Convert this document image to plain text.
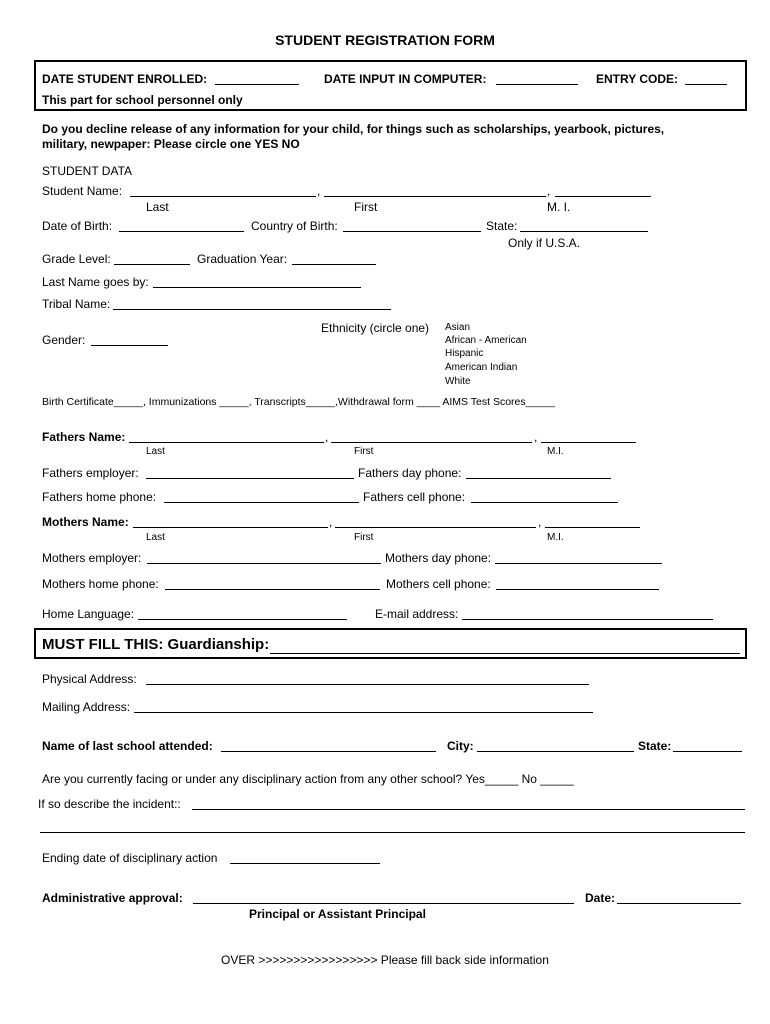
STUDENT REGISTRATION FORM
DATE STUDENT ENROLLED:	DATE INPUT IN COMPUTER:	ENTRY CODE:
This part for school personnel only
Do you decline release of any information for your child, for things such as scholarships, yearbook, pictures,
military, newpaper: Please circle one YES NO
STUDENT DATA
Student Name:	,	,
Last	First	M. I.
Date of Birth:	Country of Birth:	State:
Only if U.S.A.
Grade Level:	Graduation Year:
Last Name goes by:
Tribal Name:
Ethnicity (circle one) Asian
African - American
Hispanic
American Indian
White
Gender:
Birth Certificate_____, Immunizations _____, Transcripts_____,Withdrawal form ____ AIMS Test Scores_____
Fathers Name:	,	,
Last	First	M.I.
Fathers employer:	Fathers day phone:
Fathers home phone:	Fathers cell phone:
Mothers Name:	,	,
Last	First	M.I.
Mothers employer:	Mothers day phone:
Mothers home phone:	Mothers cell phone:
Home Language:	E-mail address:
MUST FILL THIS: Guardianship:
Physical Address:
Mailing Address:
Name of last school attended:	City:	State:
Are you currently facing or under any disciplinary action from any other school? Yes_____ No _____
If so describe the incident::
Ending date of disciplinary action
Administrative approval:	Date:
Principal or Assistant Principal
OVER >>>>>>>>>>>>>>>>> Please fill back side information
